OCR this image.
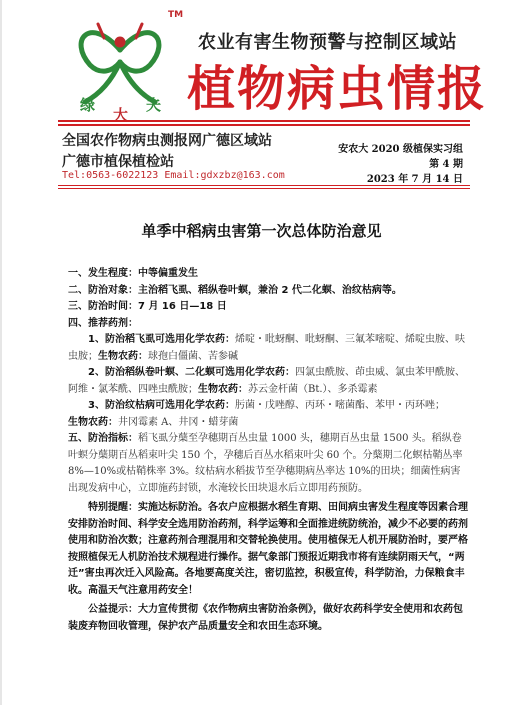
绿
大
夫
TM
农业有害生物预警与控制区域站
植物病虫情报
全国农作物病虫测报网广德区域站
广德市植保植检站
Tel:0563-6022123 Email:gdxzbz@163.com
安农大 2020 级植保实习组
第 4 期
2023 年 7 月 14 日
单季中稻病虫害第一次总体防治意见

一、发生程度：中等偏重发生

二、防治对象：主治稻飞虱、稻纵卷叶螟，兼治 2 代二化螟、治纹枯病等。

三、防治时间：7 月 16 日—18 日

四、推荐药剂：

1、防治稻飞虱可选用化学农药：烯啶・吡蚜酮、吡蚜酮、三氟苯嘧啶、烯啶虫胺、呋虫胺；生物农药：球孢白僵菌、苦参碱

2、防治稻纵卷叶螟、二化螟可选用化学农药：四氯虫酰胺、茚虫威、氯虫苯甲酰胺、阿维・氯苯酰、四唑虫酰胺；生物农药：苏云金杆菌（Bt.）、多杀霉素

3、防治纹枯病可选用化学农药：肟菌・戊唑醇、丙环・嘧菌酯、苯甲・丙环唑；

生物农药：井冈霉素 A、井冈・蜡芽菌

五、防治指标：稻飞虱分蘖至孕穗期百丛虫量 1000 头，穗期百丛虫量 1500 头。稻纵卷叶螟分蘖期百丛稻束叶尖 150 个，孕穗后百丛水稻束叶尖 60 个。分蘖期二化螟枯鞘丛率 8%—10%或枯鞘株率 3%。纹枯病水稻拔节至孕穗期病丛率达 10%的田块；细菌性病害出现发病中心，立即施药封锁，水淹较长田块退水后立即用药预防。

特别提醒：实施达标防治。各农户应根据水稻生育期、田间病虫害发生程度等因素合理安排防治时间、科学安全选用防治药剂，科学运筹和全面推进统防统治，减少不必要的药剂使用和防治次数；注意药剂合理混用和交替轮换使用。使用植保无人机开展防治时，要严格按照植保无人机防治技术规程进行操作。据气象部门预报近期我市将有连续阴雨天气，“两迁”害虫再次迁入风险高。各地要高度关注，密切监控，积极宣传，科学防治，力保粮食丰收。高温天气注意用药安全！

公益提示：大力宣传贯彻《农作物病虫害防治条例》，做好农药科学安全使用和农药包装废弃物回收管理，保护农产品质量安全和农田生态环境。
